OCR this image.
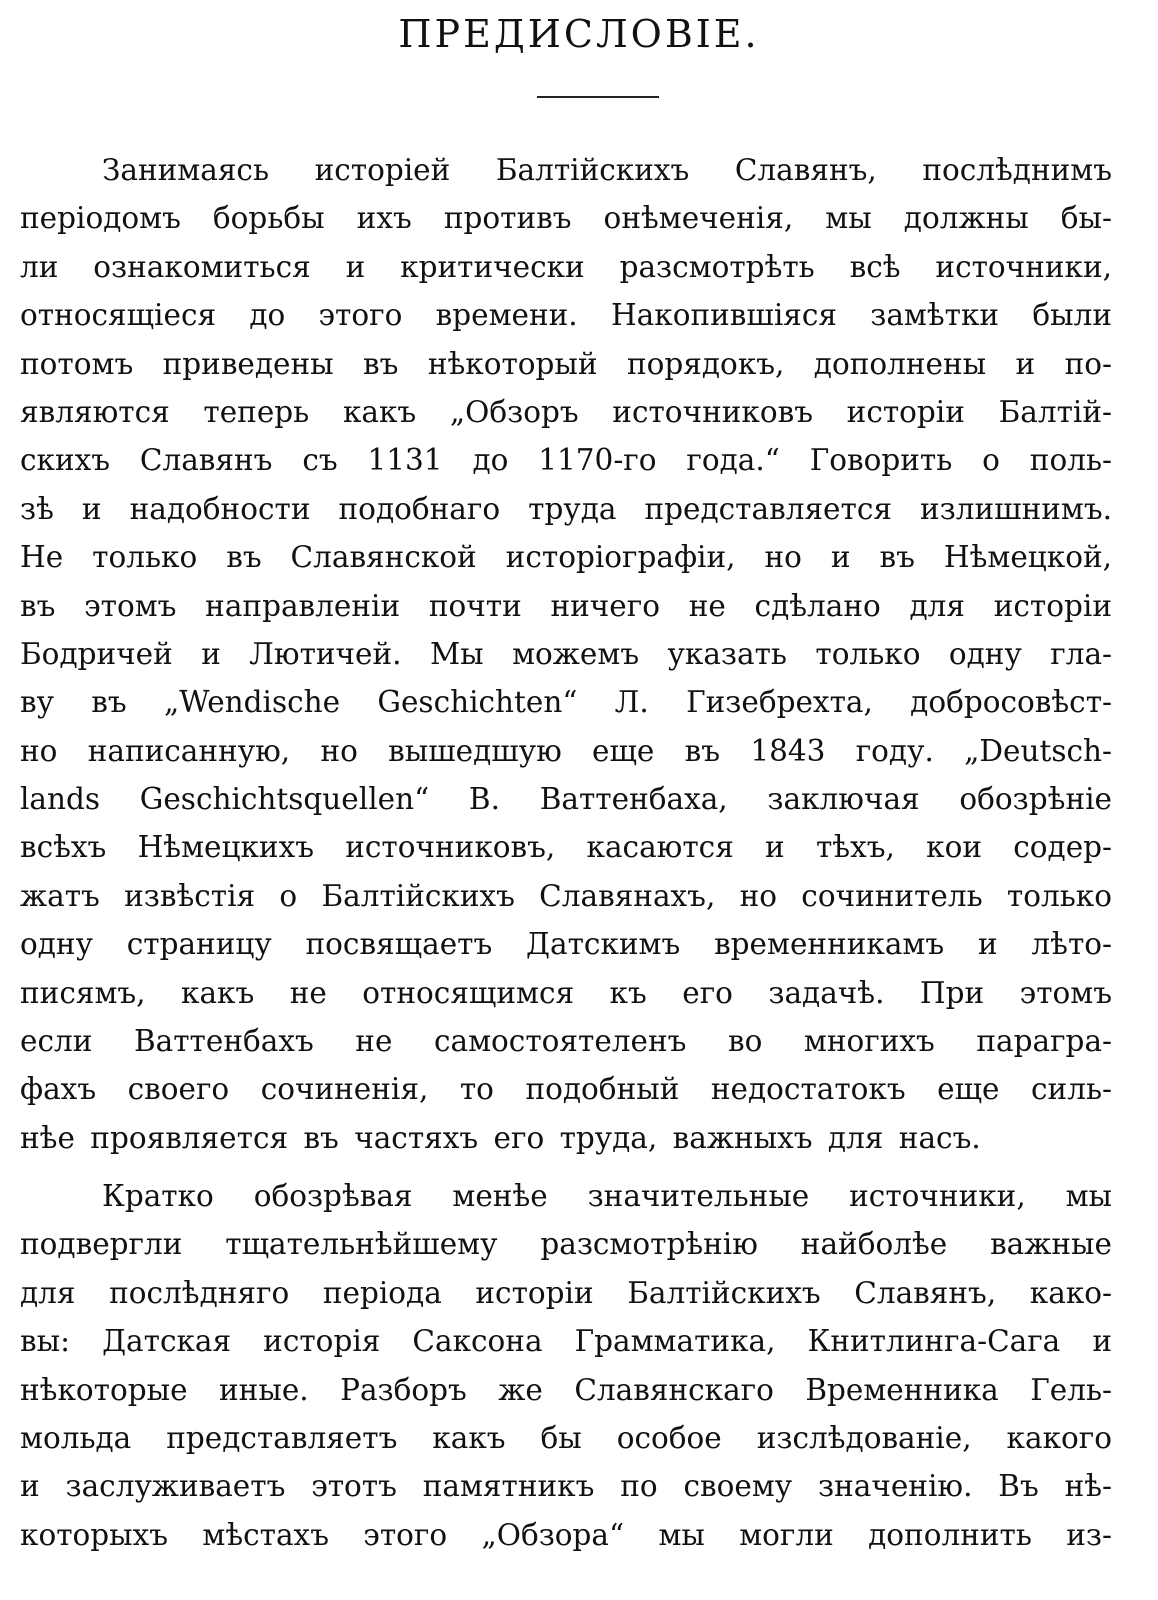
ПРЕДИСЛОВІЕ.
Занимаясь исторіей Балтійскихъ Славянъ, послѣднимъ
періодомъ борьбы ихъ противъ онѣмеченія, мы должны бы-
ли ознакомиться и критически разсмотрѣть всѣ источники,
относящіеся до этого времени. Накопившіяся замѣтки были
потомъ приведены въ нѣкоторый порядокъ, дополнены и по-
являются теперь какъ „Обзоръ источниковъ исторіи Балтій-
скихъ Славянъ съ 1131 до 1170-го года.“ Говорить о поль-
зѣ и надобности подобнаго труда представляется излишнимъ.
Не только въ Славянской исторіографіи, но и въ Нѣмецкой,
въ этомъ направленіи почти ничего не сдѣлано для исторіи
Бодричей и Лютичей. Мы можемъ указать только одну гла-
ву въ „Wendische Geschichten“ Л. Гизебрехта, добросовѣст-
но написанную, но вышедшую еще въ 1843 году. „Deutsch-
lands Geschichtsquellen“ В. Ваттенбаха, заключая обозрѣніе
всѣхъ Нѣмецкихъ источниковъ, касаются и тѣхъ, кои содер-
жатъ извѣстія о Балтійскихъ Славянахъ, но сочинитель только
одну страницу посвящаетъ Датскимъ временникамъ и лѣто-
писямъ, какъ не относящимся къ его задачѣ. При этомъ
если Ваттенбахъ не самостоятеленъ во многихъ парагра-
фахъ своего сочиненія, то подобный недостатокъ еще силь-
нѣе проявляется въ частяхъ его труда, важныхъ для насъ.
Кратко обозрѣвая менѣе значительные источники, мы
подвергли тщательнѣйшему разсмотрѣнію найболѣе важные
для послѣдняго періода исторіи Балтійскихъ Славянъ, како-
вы: Датская исторія Саксона Грамматика, Книтлинга-Сага и
нѣкоторые иные. Разборъ же Славянскаго Временника Гель-
мольда представляетъ какъ бы особое изслѣдованіе, какого
и заслуживаетъ этотъ памятникъ по своему значенію. Въ нѣ-
которыхъ мѣстахъ этого „Обзора“ мы могли дополнить из-
